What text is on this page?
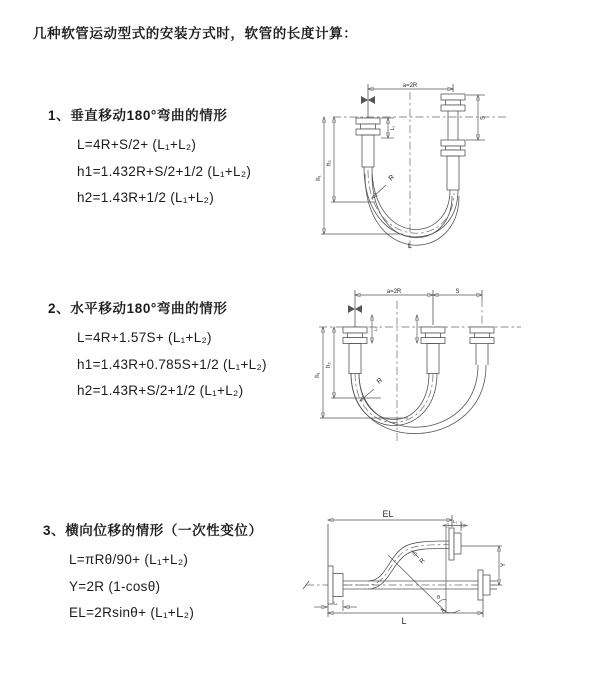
几种软管运动型式的安装方式时，软管的长度计算：
1、垂直移动180°弯曲的情形
L=4R+S/2+ (L₁+L₂)
h1=1.432R+S/2+1/2 (L₁+L₂)
h2=1.43R+1/2 (L₁+L₂)
2、水平移动180°弯曲的情形
L=4R+1.57S+ (L₁+L₂)
h1=1.43R+0.785S+1/2 (L₁+L₂)
h2=1.43R+S/2+1/2 (L₁+L₂)
3、横向位移的情形（一次性变位）
L=πRθ/90+ (L₁+L₂)
Y=2R (1-cosθ)
EL=2Rsinθ+ (L₁+L₂)
a=2R
h₁
h₂
L₁
S
R
L
a=2R	S
h₁
h₂
L₁
R
EL
L₁
Y
θ
R
L
L₁
